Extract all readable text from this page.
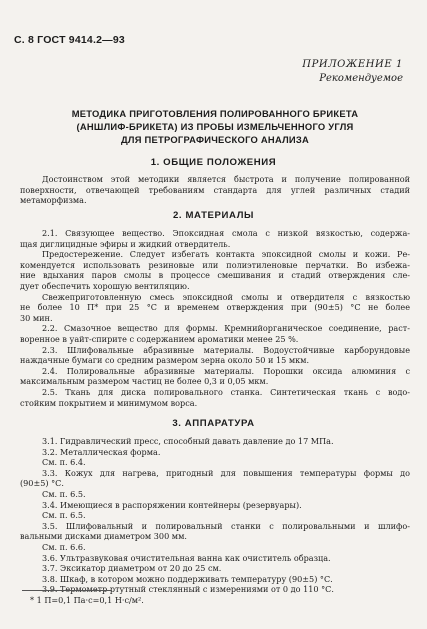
С. 8 ГОСТ 9414.2—93
ПРИЛОЖЕНИЕ 1
Рекомендуемое
МЕТОДИКА ПРИГОТОВЛЕНИЯ ПОЛИРОВАННОГО БРИКЕТА
(АНШЛИФ-БРИКЕТА) ИЗ ПРОБЫ ИЗМЕЛЬЧЕННОГО УГЛЯ
ДЛЯ ПЕТРОГРАФИЧЕСКОГО АНАЛИЗА
1. ОБЩИЕ ПОЛОЖЕНИЯ
Достоинством этой методики является быстрота и получение полированной
поверхности, отвечающей требованиям стандарта для углей различных стадий
метаморфизма.
2. МАТЕРИАЛЫ
2.1. Связующее вещество. Эпоксидная смола с низкой вязкостью, содержа-
щая диглицидные эфиры и жидкий отвердитель.
Предостережение. Следует избегать контакта эпоксидной смолы и кожи. Ре-
комендуется использовать резиновые или полиэтиленовые перчатки. Во избежа-
ние вдыхания паров смолы в процессе смешивания и стадий отверждения сле-
дует обеспечить хорошую вентиляцию.
Свежеприготовленную смесь эпоксидной смолы и отвердителя с вязкостью
не более 10 П* при 25 °С и временем отверждения при (90±5) °С не более
30 мин.
2.2. Смазочное вещество для формы. Кремнийорганическое соединение, раст-
воренное в уайт-спирите с содержанием ароматики менее 25 %.
2.3. Шлифовальные абразивные материалы. Водоустойчивые карборундовые
наждачные бумаги со средним размером зерна около 50 и 15 мкм.
2.4. Полировальные абразивные материалы. Порошки оксида алюминия с
максимальным размером частиц не более 0,3 и 0,05 мкм.
2.5. Ткань для диска полировального станка. Синтетическая ткань с водо-
стойким покрытием и минимумом ворса.
3. АППАРАТУРА
3.1. Гидравлический пресс, способный давать давление до 17 МПа.
3.2. Металлическая форма.
См. п. 6.4.
3.3. Кожух для нагрева, пригодный для повышения температуры формы до
(90±5) °С.
См. п. 6.5.
3.4. Имеющиеся в распоряжении контейнеры (резервуары).
См. п. 6.5.
3.5. Шлифовальный и полировальный станки с полировальными и шлифо-
вальными дисками диаметром 300 мм.
См. п. 6.6.
3.6. Ультразвуковая очистительная ванна как очиститель образца.
3.7. Эксикатор диаметром от 20 до 25 см.
3.8. Шкаф, в котором можно поддерживать температуру (90±5) °С.
3.9. Термометр ртутный стеклянный с измерениями от 0 до 110 °С.
* 1 П=0,1 Па·с=0,1 Н·с/м².
